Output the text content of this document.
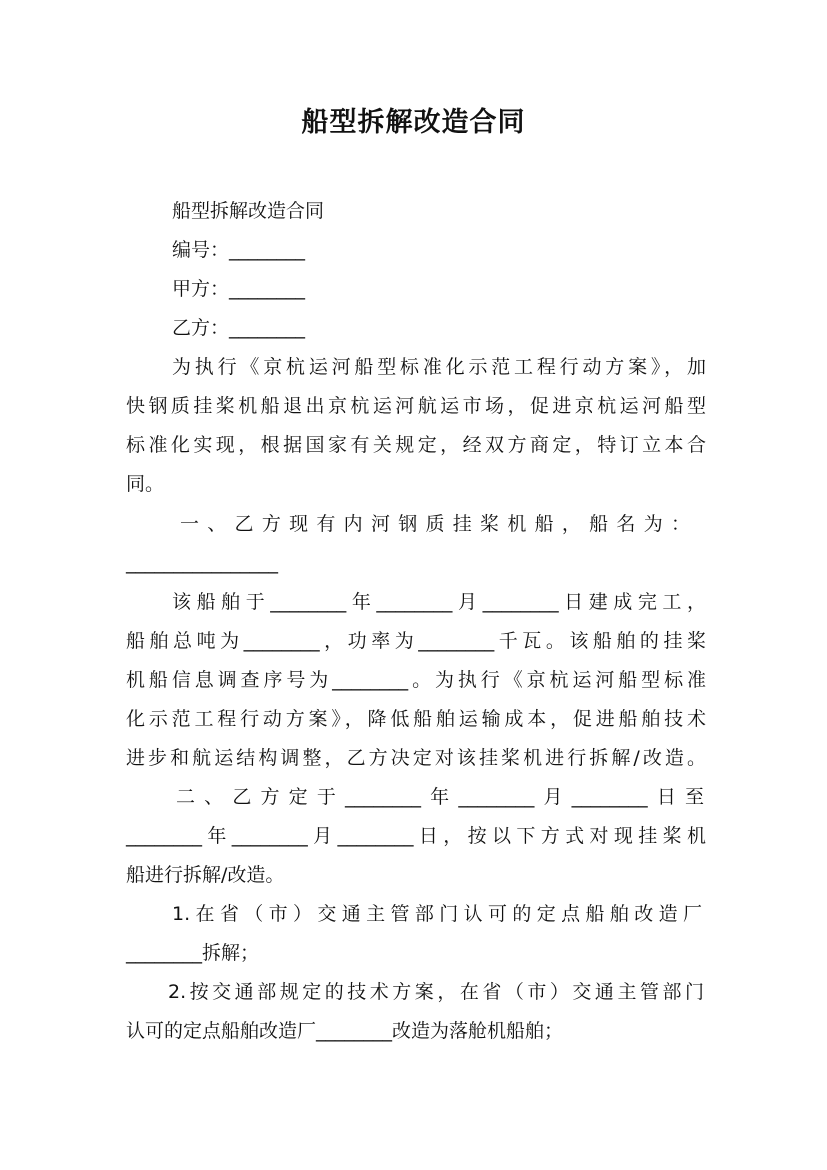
船型拆解改造合同
船型拆解改造合同
编号：________
甲方：________
乙方：________
为执行《京杭运河船型标准化示范工程行动方案》，加
快钢质挂桨机船退出京杭运河航运市场，促进京杭运河船型
标准化实现，根据国家有关规定，经双方商定，特订立本合
同。
一、乙方现有内河钢质挂桨机船，船名为：
________________
该船舶于________年________月________日建成完工，
船舶总吨为________，功率为________千瓦。该船舶的挂桨
机船信息调查序号为________。为执行《京杭运河船型标准
化示范工程行动方案》，降低船舶运输成本，促进船舶技术
进步和航运结构调整，乙方决定对该挂桨机进行拆解/改造。
二、乙方定于________年________月________日至
________年________月________日，按以下方式对现挂桨机
船进行拆解/改造。
1.在省（市）交通主管部门认可的定点船舶改造厂
________拆解；
2.按交通部规定的技术方案，在省（市）交通主管部门
认可的定点船舶改造厂________改造为落舱机船舶；
